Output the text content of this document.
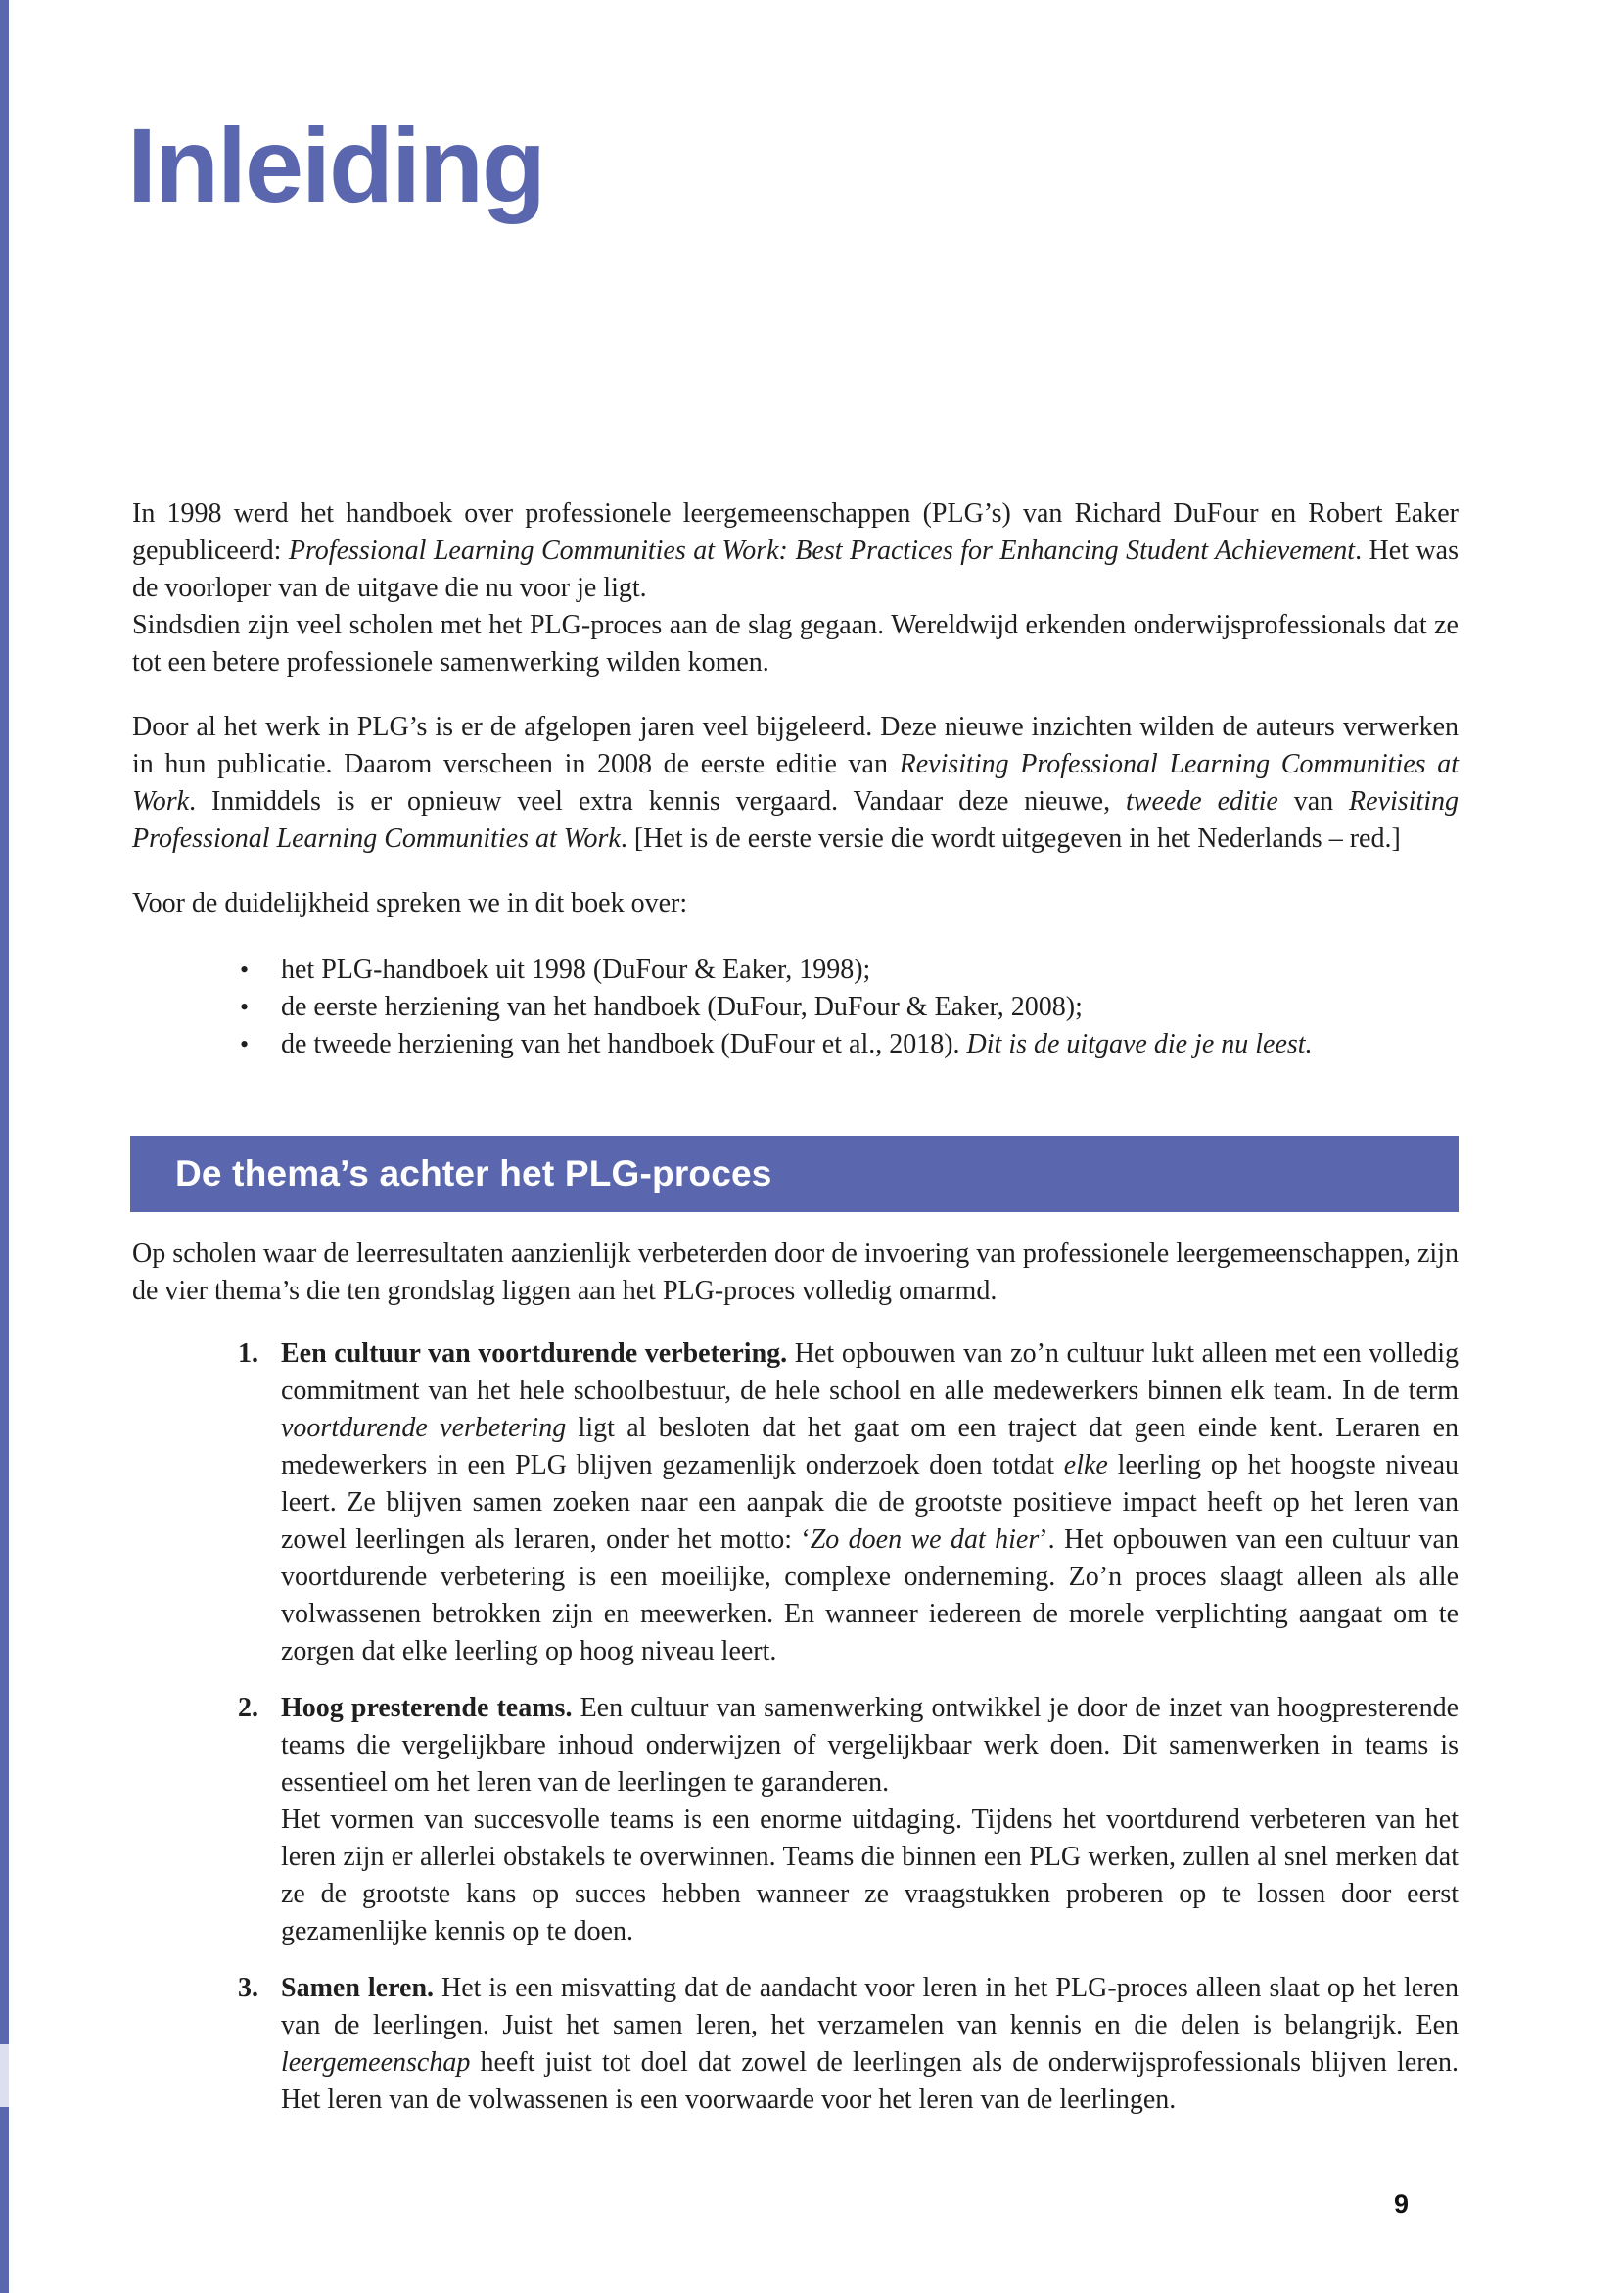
Inleiding

In 1998 werd het handboek over professionele leergemeenschappen (PLG’s) van Richard DuFour en Robert Eaker gepubliceerd: Professional Learning Communities at Work: Best Practices for Enhancing Student Achievement. Het was de voorloper van de uitgave die nu voor je ligt.
Sindsdien zijn veel scholen met het PLG-proces aan de slag gegaan. Wereldwijd erkenden onderwijsprofessionals dat ze tot een betere professionele samenwerking wilden komen.

Door al het werk in PLG’s is er de afgelopen jaren veel bijgeleerd. Deze nieuwe inzichten wilden de auteurs verwerken in hun publicatie. Daarom verscheen in 2008 de eerste editie van Revisiting Professional Learning Communities at Work. Inmiddels is er opnieuw veel extra kennis vergaard. Vandaar deze nieuwe, tweede editie van Revisiting Professional Learning Communities at Work. [Het is de eerste versie die wordt uitgegeven in het Nederlands – red.]

Voor de duidelijkheid spreken we in dit boek over:

•
het PLG-handboek uit 1998 (DuFour & Eaker, 1998);
•
de eerste herziening van het handboek (DuFour, DuFour & Eaker, 2008);
•
de tweede herziening van het handboek (DuFour et al., 2018). Dit is de uitgave die je nu leest.
De thema’s achter het PLG-proces
Op scholen waar de leerresultaten aanzienlijk verbeterden door de invoering van professionele leergemeenschappen, zijn de vier thema’s die ten grondslag liggen aan het PLG-proces volledig omarmd.
1. Een cultuur van voortdurende verbetering. Het opbouwen van zo’n cultuur lukt alleen met een volledig commitment van het hele schoolbestuur, de hele school en alle medewerkers binnen elk team. In de term voortdurende verbetering ligt al besloten dat het gaat om een traject dat geen einde kent. Leraren en medewerkers in een PLG blijven gezamenlijk onderzoek doen totdat elke leerling op het hoogste niveau leert. Ze blijven samen zoeken naar een aanpak die de grootste positieve impact heeft op het leren van zowel leerlingen als leraren, onder het motto: ‘Zo doen we dat hier’. Het opbouwen van een cultuur van voortdurende verbetering is een moeilijke, complexe onderneming. Zo’n proces slaagt alleen als alle volwassenen betrokken zijn en meewerken. En wanneer iedereen de morele verplichting aangaat om te zorgen dat elke leerling op hoog niveau leert.
2. Hoog presterende teams. Een cultuur van samenwerking ontwikkel je door de inzet van hoogpresterende teams die vergelijkbare inhoud onderwijzen of vergelijkbaar werk doen. Dit samenwerken in teams is essentieel om het leren van de leerlingen te garanderen.
Het vormen van succesvolle teams is een enorme uitdaging. Tijdens het voortdurend verbeteren van het leren zijn er allerlei obstakels te overwinnen. Teams die binnen een PLG werken, zullen al snel merken dat ze de grootste kans op succes hebben wanneer ze vraagstukken proberen op te lossen door eerst gezamenlijke kennis op te doen.
3. Samen leren. Het is een misvatting dat de aandacht voor leren in het PLG-proces alleen slaat op het leren van de leerlingen. Juist het samen leren, het verzamelen van kennis en die delen is belangrijk. Een leergemeenschap heeft juist tot doel dat zowel de leerlingen als de onderwijsprofessionals blijven leren. Het leren van de volwassenen is een voorwaarde voor het leren van de leerlingen.
9
